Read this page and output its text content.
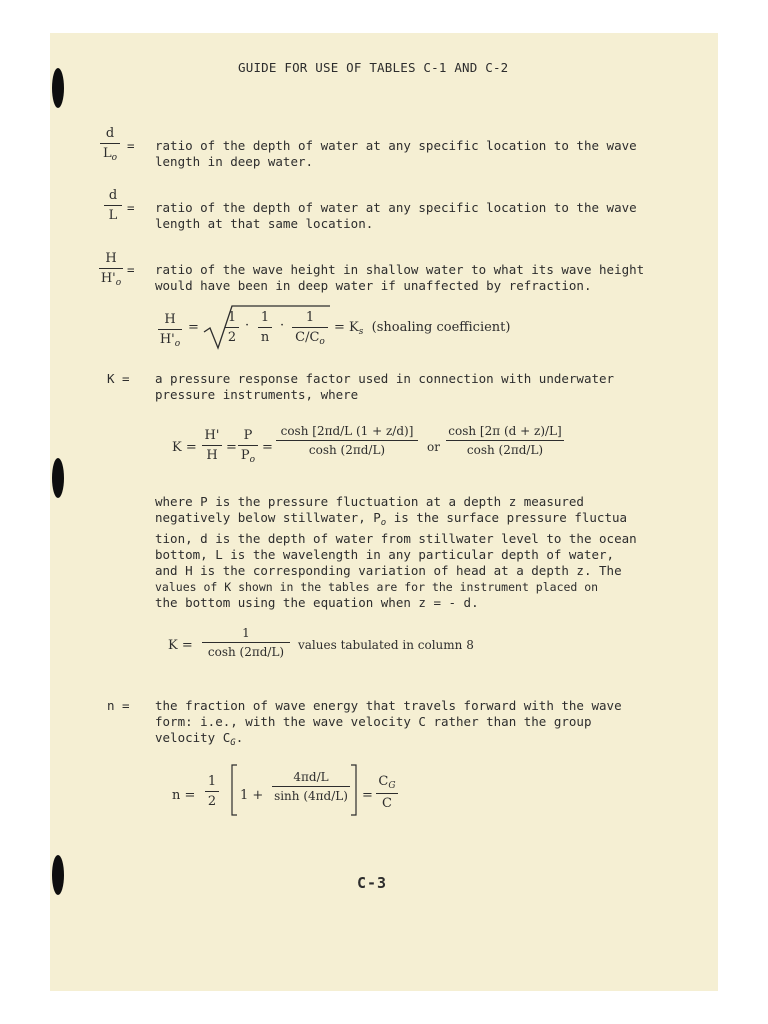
GUIDE FOR USE OF TABLES C-1 AND C-2
d
$L_o$
= ratio of the depth of water at any specific location to the wave
length in deep water.
d
L
= ratio of the depth of water at any specific location to the wave
length at that same location.
H
$H'_o$
= ratio of the wave height in shallow water to what its wave height
would have been in deep water if unaffected by refraction.
H
$H'_o$
=
1
2
·
1
n
·
1
$C/C_o$
= $K_s$ (shoaling coefficient)
K = a pressure response factor used in connection with underwater
pressure instruments, where
K =
H'
H
=
P
$P_o$
=
cosh [2πd/L (1 + z/d)]
cosh (2πd/L)	or
cosh [2π (d + z)/L]
cosh (2πd/L)
where P is the pressure fluctuation at a depth z measured
negatively below stillwater, $P_o$ is the surface pressure fluctua
tion, d is the depth of water from stillwater level to the ocean
bottom, L is the wavelength in any particular depth of water,
and H is the corresponding variation of head at a depth z. The
values of K shown in the tables are for the instrument placed on
the bottom using the equation when z = - d.
K =
1
cosh (2πd/L)	values tabulated in column 8
n = the fraction of wave energy that travels forward with the wave
form: i.e., with the wave velocity C rather than the group
velocity $C_G$.
n =
1
2 1 +
4πd/L
sinh (4πd/L) =
$C_G$
C
C-3
